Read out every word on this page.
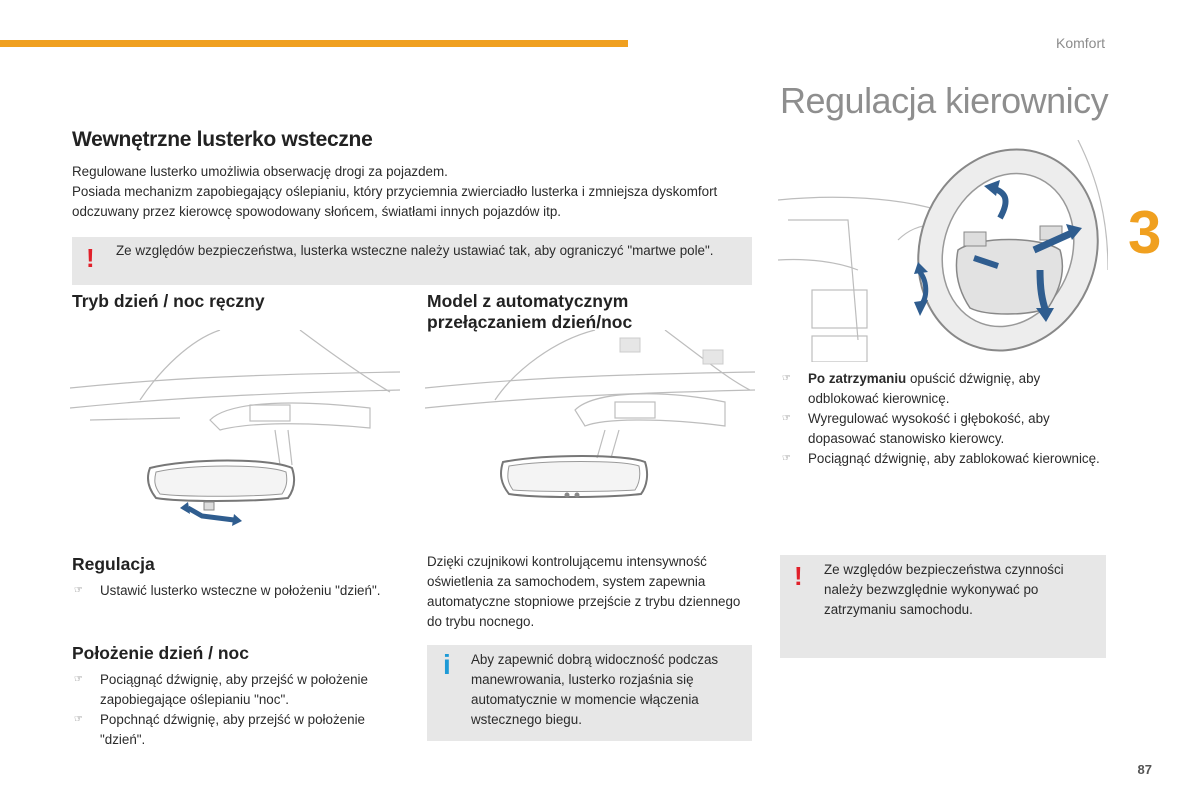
Komfort
3
87
Wewnętrzne lusterko wsteczne
Regulowane lusterko umożliwia obserwację drogi za pojazdem.
Posiada mechanizm zapobiegający oślepianiu, który przyciemnia zwierciadło lusterka i zmniejsza dyskomfort odczuwany przez kierowcę spowodowany słońcem, światłami innych pojazdów itp.
! Ze względów bezpieczeństwa, lusterka wsteczne należy ustawiać tak, aby ograniczyć "martwe pole".
Tryb dzień / noc ręczny
Regulacja
☞ Ustawić lusterko wsteczne w położeniu "dzień".
Położenie dzień / noc
☞ Pociągnąć dźwignię, aby przejść w położenie zapobiegające oślepianiu "noc".
☞ Popchnąć dźwignię, aby przejść w położenie "dzień".
Model z automatycznym
przełączaniem dzień/noc
Dzięki czujnikowi kontrolującemu intensywność oświetlenia za samochodem, system zapewnia automatyczne stopniowe przejście z trybu dziennego do trybu nocnego.
i Aby zapewnić dobrą widoczność podczas manewrowania, lusterko rozjaśnia się automatycznie w momencie włączenia wstecznego biegu.
Regulacja kierownicy
☞ Po zatrzymaniu opuścić dźwignię, aby odblokować kierownicę.
☞ Wyregulować wysokość i głębokość, aby dopasować stanowisko kierowcy.
☞ Pociągnąć dźwignię, aby zablokować kierownicę.
! Ze względów bezpieczeństwa czynności należy bezwzględnie wykonywać po zatrzymaniu samochodu.
